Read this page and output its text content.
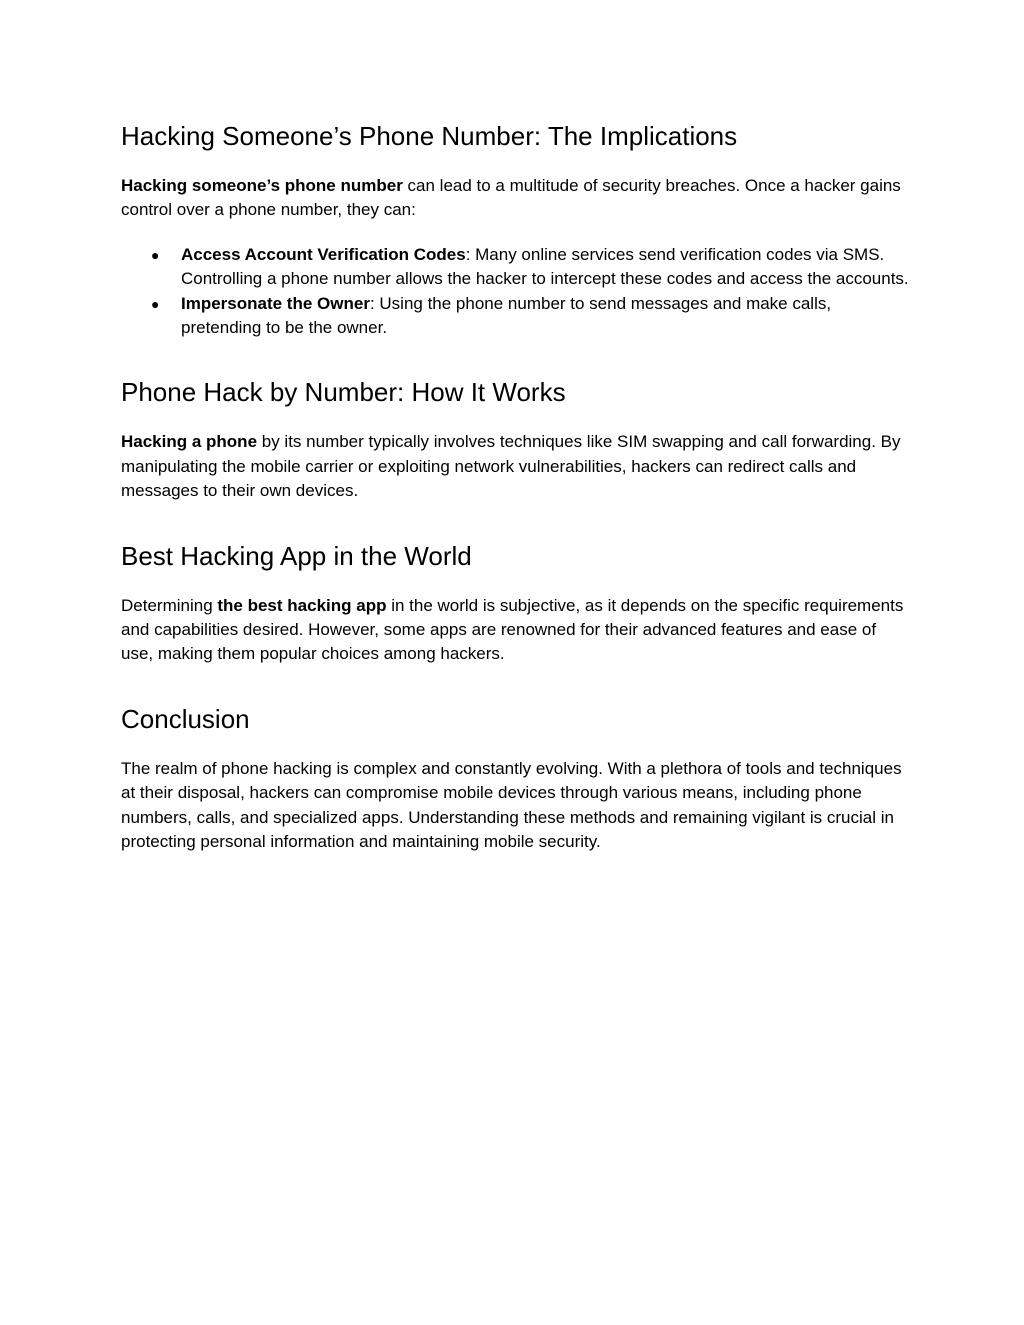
Hacking Someone’s Phone Number: The Implications

Hacking someone’s phone number can lead to a multitude of security breaches. Once a hacker gains control over a phone number, they can:

● Access Account Verification Codes: Many online services send verification codes via SMS. Controlling a phone number allows the hacker to intercept these codes and access the accounts.
● Impersonate the Owner: Using the phone number to send messages and make calls, pretending to be the owner.
Phone Hack by Number: How It Works

Hacking a phone by its number typically involves techniques like SIM swapping and call forwarding. By manipulating the mobile carrier or exploiting network vulnerabilities, hackers can redirect calls and messages to their own devices.

Best Hacking App in the World

Determining the best hacking app in the world is subjective, as it depends on the specific requirements and capabilities desired. However, some apps are renowned for their advanced features and ease of use, making them popular choices among hackers.

Conclusion

The realm of phone hacking is complex and constantly evolving. With a plethora of tools and techniques at their disposal, hackers can compromise mobile devices through various means, including phone numbers, calls, and specialized apps. Understanding these methods and remaining vigilant is crucial in protecting personal information and maintaining mobile security.
